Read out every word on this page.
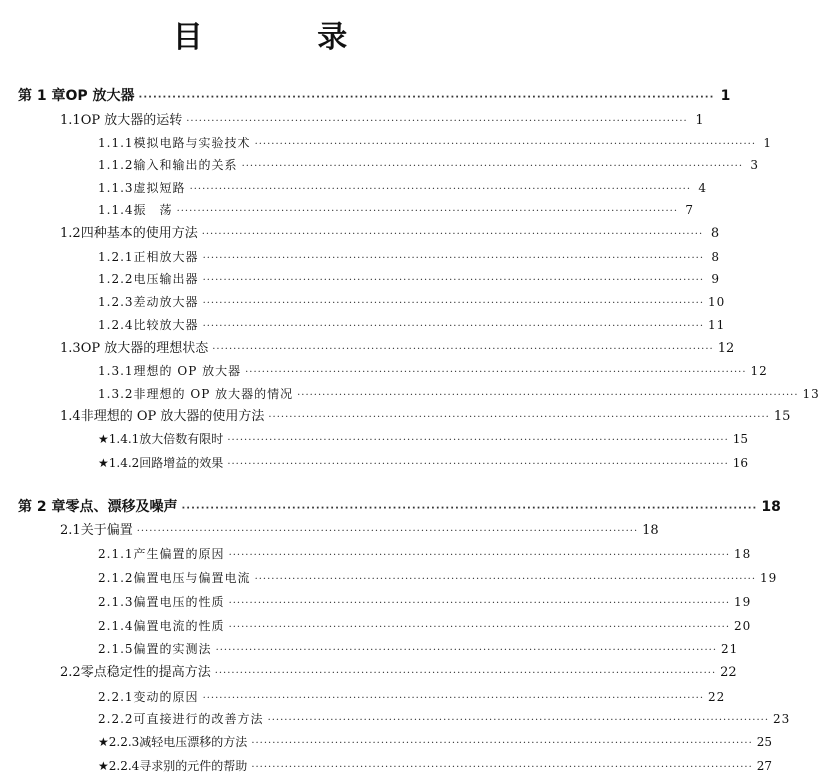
目 录
第 1 章 OP 放大器 ························································································································ 1
1.1 OP 放大器的运转 ························································································································ 1
1.1.1 模拟电路与实验技术 ························································································································ 1
1.1.2 输入和输出的关系 ························································································································ 3
1.1.3 虚拟短路 ························································································································ 4
1.1.4 振　荡 ························································································································ 7
1.2 四种基本的使用方法 ························································································································ 8
1.2.1 正相放大器 ························································································································ 8
1.2.2 电压输出器 ························································································································ 9
1.2.3 差动放大器 ························································································································ 10
1.2.4 比较放大器 ························································································································ 11
1.3 OP 放大器的理想状态 ························································································································ 12
1.3.1 理想的 OP 放大器 ························································································································ 12
1.3.2 非理想的 OP 放大器的情况 ························································································································ 13
1.4 非理想的 OP 放大器的使用方法 ························································································································ 15
★1.4.1 放大倍数有限时 ························································································································ 15
★1.4.2 回路增益的效果 ························································································································ 16
第 2 章 零点、漂移及噪声 ························································································································ 18
2.1 关于偏置 ························································································································ 18
2.1.1 产生偏置的原因 ························································································································ 18
2.1.2 偏置电压与偏置电流 ························································································································ 19
2.1.3 偏置电压的性质 ························································································································ 19
2.1.4 偏置电流的性质 ························································································································ 20
2.1.5 偏置的实测法 ························································································································ 21
2.2 零点稳定性的提高方法 ························································································································ 22
2.2.1 变动的原因 ························································································································ 22
2.2.2 可直接进行的改善方法 ························································································································ 23
★2.2.3 减轻电压漂移的方法 ························································································································ 25
★2.2.4 寻求别的元件的帮助 ························································································································ 27
